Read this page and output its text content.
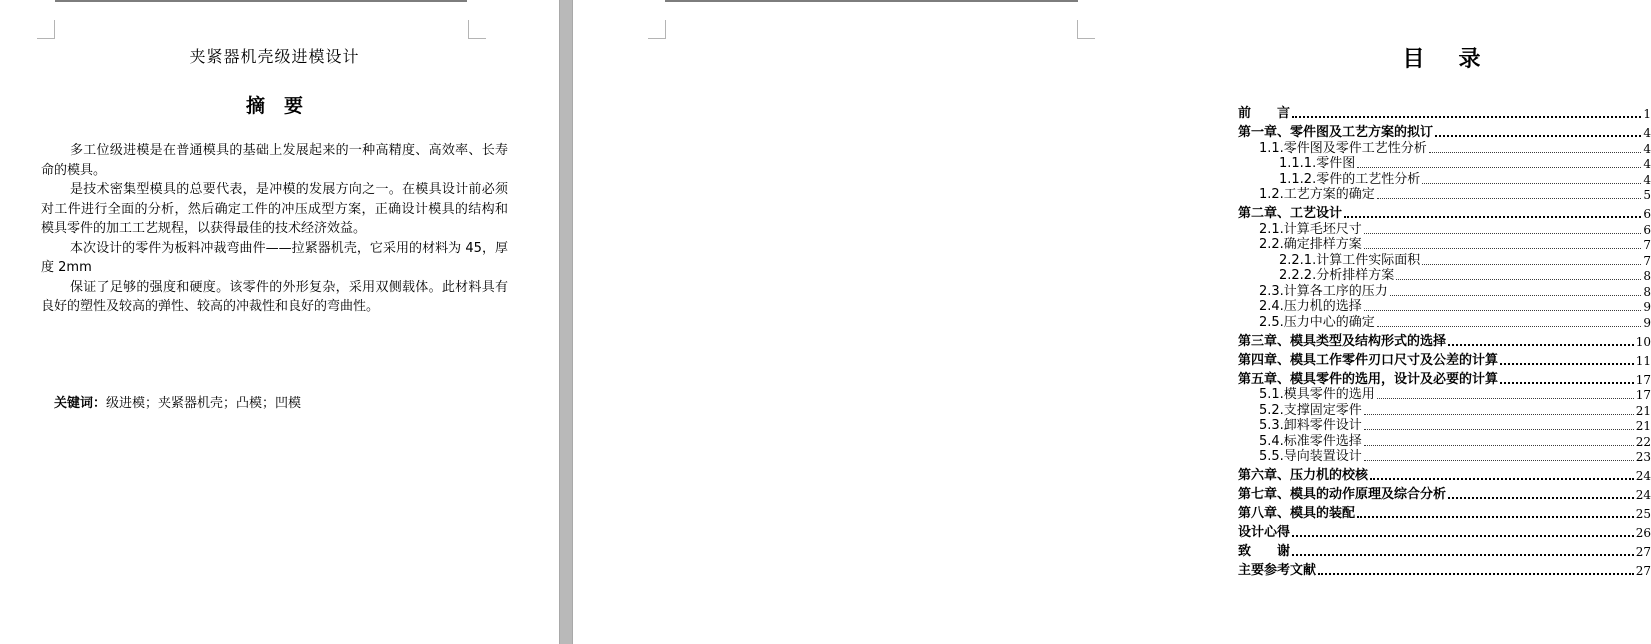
夹紧器机壳级进模设计
摘　要

多工位级进模是在普通模具的基础上发展起来的一种高精度、高效率、长寿命的模具。

是技术密集型模具的总要代表，是冲模的发展方向之一。在模具设计前必须对工件进行全面的分析，然后确定工件的冲压成型方案，正确设计模具的结构和模具零件的加工工艺规程，以获得最佳的技术经济效益。

本次设计的零件为板料冲裁弯曲件——拉紧器机壳，它采用的材料为 45，厚度 2mm

保证了足够的强度和硬度。该零件的外形复杂，采用双侧载体。此材料具有良好的塑性及较高的弹性、较高的冲裁性和良好的弯曲性。

关键词：级进模；夹紧器机壳；凸模；凹模

目　录
前　　言	1
第一章、零件图及工艺方案的拟订	4
1.1.零件图及零件工艺性分析	4
1.1.1.零件图	4
1.1.2.零件的工艺性分析	4
1.2.工艺方案的确定	5
第二章、工艺设计	6
2.1.计算毛坯尺寸	6
2.2.确定排样方案	7
2.2.1.计算工件实际面积	7
2.2.2.分析排样方案	8
2.3.计算各工序的压力	8
2.4.压力机的选择	9
2.5.压力中心的确定	9
第三章、模具类型及结构形式的选择	10
第四章、模具工作零件刃口尺寸及公差的计算	11
第五章、模具零件的选用，设计及必要的计算	17
5.1.模具零件的选用	17
5.2.支撑固定零件	21
5.3.卸料零件设计	21
5.4.标准零件选择	22
5.5.导向装置设计	23
第六章、压力机的校核	24
第七章、模具的动作原理及综合分析	24
第八章、模具的装配	25
设计心得	26
致　　谢	27
主要参考文献	27
